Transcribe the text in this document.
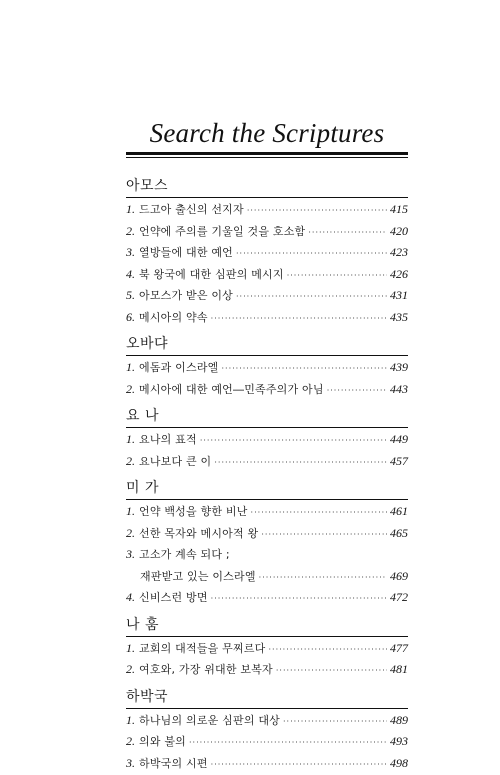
Search the Scriptures
아모스
1. 드고아 출신의 선지자 ·····	415
2. 언약에 주의를 기울일 것을 호소함 ·····	420
3. 열방들에 대한 예언 ·····	423
4. 북 왕국에 대한 심판의 메시지 ·····	426
5. 아모스가 받은 이상 ·····	431
6. 메시아의 약속 ·····	435
오바댜
1. 에돔과 이스라엘 ·····	439
2. 메시아에 대한 예언―민족주의가 아님 ·····	443
요 나
1. 요나의 표적 ·····	449
2. 요나보다 큰 이 ·····	457
미 가
1. 언약 백성을 향한 비난 ·····	461
2. 선한 목자와 메시아적 왕 ·····	465
3. 고소가 계속 되다 ;
재판받고 있는 이스라엘 ·····	469
4. 신비스런 방면 ·····	472
나 훔
1. 교회의 대적들을 무찌르다 ·····	477
2. 여호와, 가장 위대한 보복자 ·····	481
하박국
1. 하나님의 의로운 심판의 대상 ·····	489
2. 의와 불의 ·····	493
3. 하박국의 시편 ·····	498
